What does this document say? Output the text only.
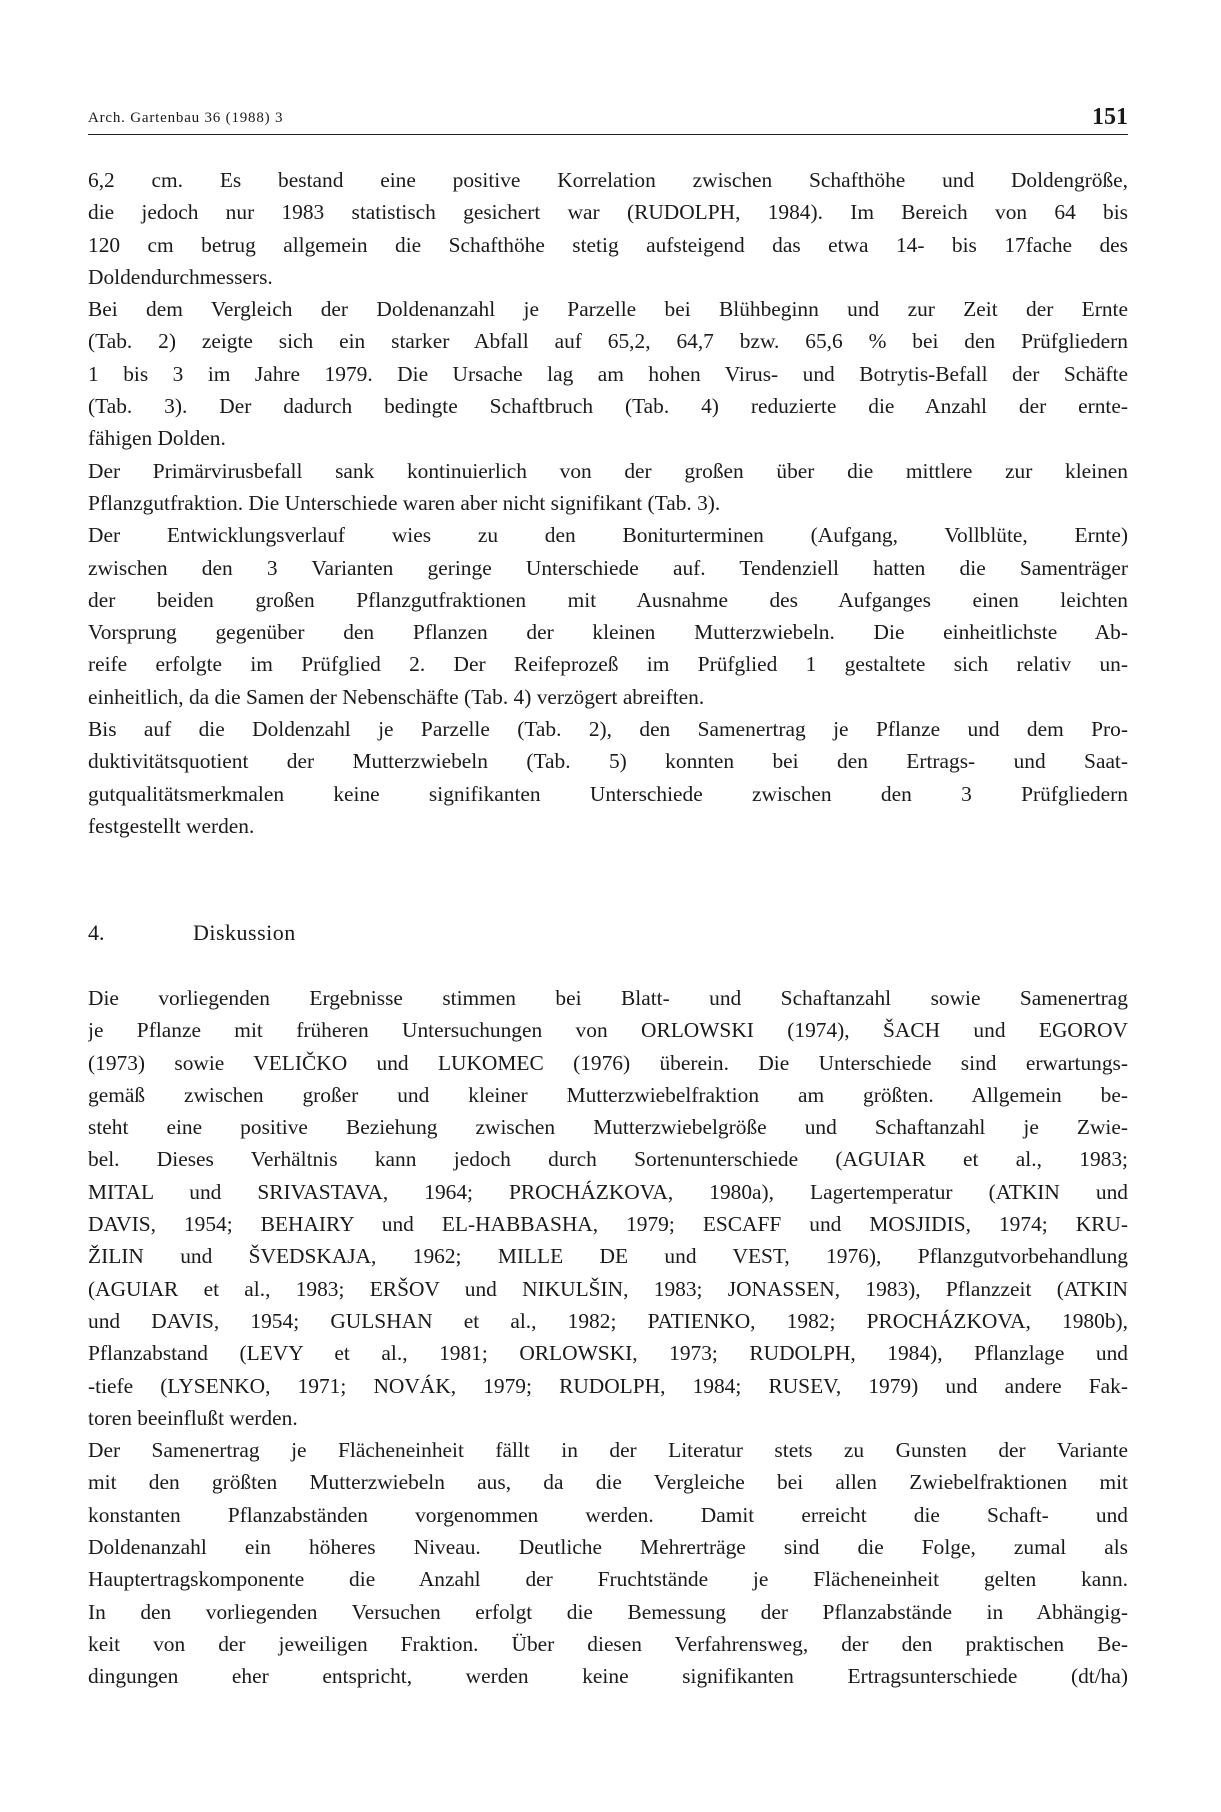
Arch. Gartenbau 36 (1988) 3	151
6,2 cm. Es bestand eine positive Korrelation zwischen Schafthöhe und Doldengröße,
die jedoch nur 1983 statistisch gesichert war (RUDOLPH, 1984). Im Bereich von 64 bis
120 cm betrug allgemein die Schafthöhe stetig aufsteigend das etwa 14- bis 17fache des
Doldendurchmessers.
Bei dem Vergleich der Doldenanzahl je Parzelle bei Blühbeginn und zur Zeit der Ernte
(Tab. 2) zeigte sich ein starker Abfall auf 65,2, 64,7 bzw. 65,6 % bei den Prüfgliedern
1 bis 3 im Jahre 1979. Die Ursache lag am hohen Virus- und Botrytis-Befall der Schäfte
(Tab. 3). Der dadurch bedingte Schaftbruch (Tab. 4) reduzierte die Anzahl der ernte-
fähigen Dolden.
Der Primärvirusbefall sank kontinuierlich von der großen über die mittlere zur kleinen
Pflanzgutfraktion. Die Unterschiede waren aber nicht signifikant (Tab. 3).
Der Entwicklungsverlauf wies zu den Boniturterminen (Aufgang, Vollblüte, Ernte)
zwischen den 3 Varianten geringe Unterschiede auf. Tendenziell hatten die Samenträger
der beiden großen Pflanzgutfraktionen mit Ausnahme des Aufganges einen leichten
Vorsprung gegenüber den Pflanzen der kleinen Mutterzwiebeln. Die einheitlichste Ab-
reife erfolgte im Prüfglied 2. Der Reifeprozeß im Prüfglied 1 gestaltete sich relativ un-
einheitlich, da die Samen der Nebenschäfte (Tab. 4) verzögert abreiften.
Bis auf die Doldenzahl je Parzelle (Tab. 2), den Samenertrag je Pflanze und dem Pro-
duktivitätsquotient der Mutterzwiebeln (Tab. 5) konnten bei den Ertrags- und Saat-
gutqualitätsmerkmalen keine signifikanten Unterschiede zwischen den 3 Prüfgliedern
festgestellt werden.
4.	Diskussion
Die vorliegenden Ergebnisse stimmen bei Blatt- und Schaftanzahl sowie Samenertrag
je Pflanze mit früheren Untersuchungen von ORLOWSKI (1974), ŠACH und EGOROV
(1973) sowie VELIČKO und LUKOMEC (1976) überein. Die Unterschiede sind erwartungs-
gemäß zwischen großer und kleiner Mutterzwiebelfraktion am größten. Allgemein be-
steht eine positive Beziehung zwischen Mutterzwiebelgröße und Schaftanzahl je Zwie-
bel. Dieses Verhältnis kann jedoch durch Sortenunterschiede (AGUIAR et al., 1983;
MITAL und SRIVASTAVA, 1964; PROCHÁZKOVA, 1980a), Lagertemperatur (ATKIN und
DAVIS, 1954; BEHAIRY und EL-HABBASHA, 1979; ESCAFF und MOSJIDIS, 1974; KRU-
ŽILIN und ŠVEDSKAJA, 1962; MILLE DE und VEST, 1976), Pflanzgutvorbehandlung
(AGUIAR et al., 1983; ERŠOV und NIKULŠIN, 1983; JONASSEN, 1983), Pflanzzeit (ATKIN
und DAVIS, 1954; GULSHAN et al., 1982; PATIENKO, 1982; PROCHÁZKOVA, 1980b),
Pflanzabstand (LEVY et al., 1981; ORLOWSKI, 1973; RUDOLPH, 1984), Pflanzlage und
-tiefe (LYSENKO, 1971; NOVÁK, 1979; RUDOLPH, 1984; RUSEV, 1979) und andere Fak-
toren beeinflußt werden.
Der Samenertrag je Flächeneinheit fällt in der Literatur stets zu Gunsten der Variante
mit den größten Mutterzwiebeln aus, da die Vergleiche bei allen Zwiebelfraktionen mit
konstanten Pflanzabständen vorgenommen werden. Damit erreicht die Schaft- und
Doldenanzahl ein höheres Niveau. Deutliche Mehrerträge sind die Folge, zumal als
Hauptertragskomponente die Anzahl der Fruchtstände je Flächeneinheit gelten kann.
In den vorliegenden Versuchen erfolgt die Bemessung der Pflanzabstände in Abhängig-
keit von der jeweiligen Fraktion. Über diesen Verfahrensweg, der den praktischen Be-
dingungen eher entspricht, werden keine signifikanten Ertragsunterschiede (dt/ha)
